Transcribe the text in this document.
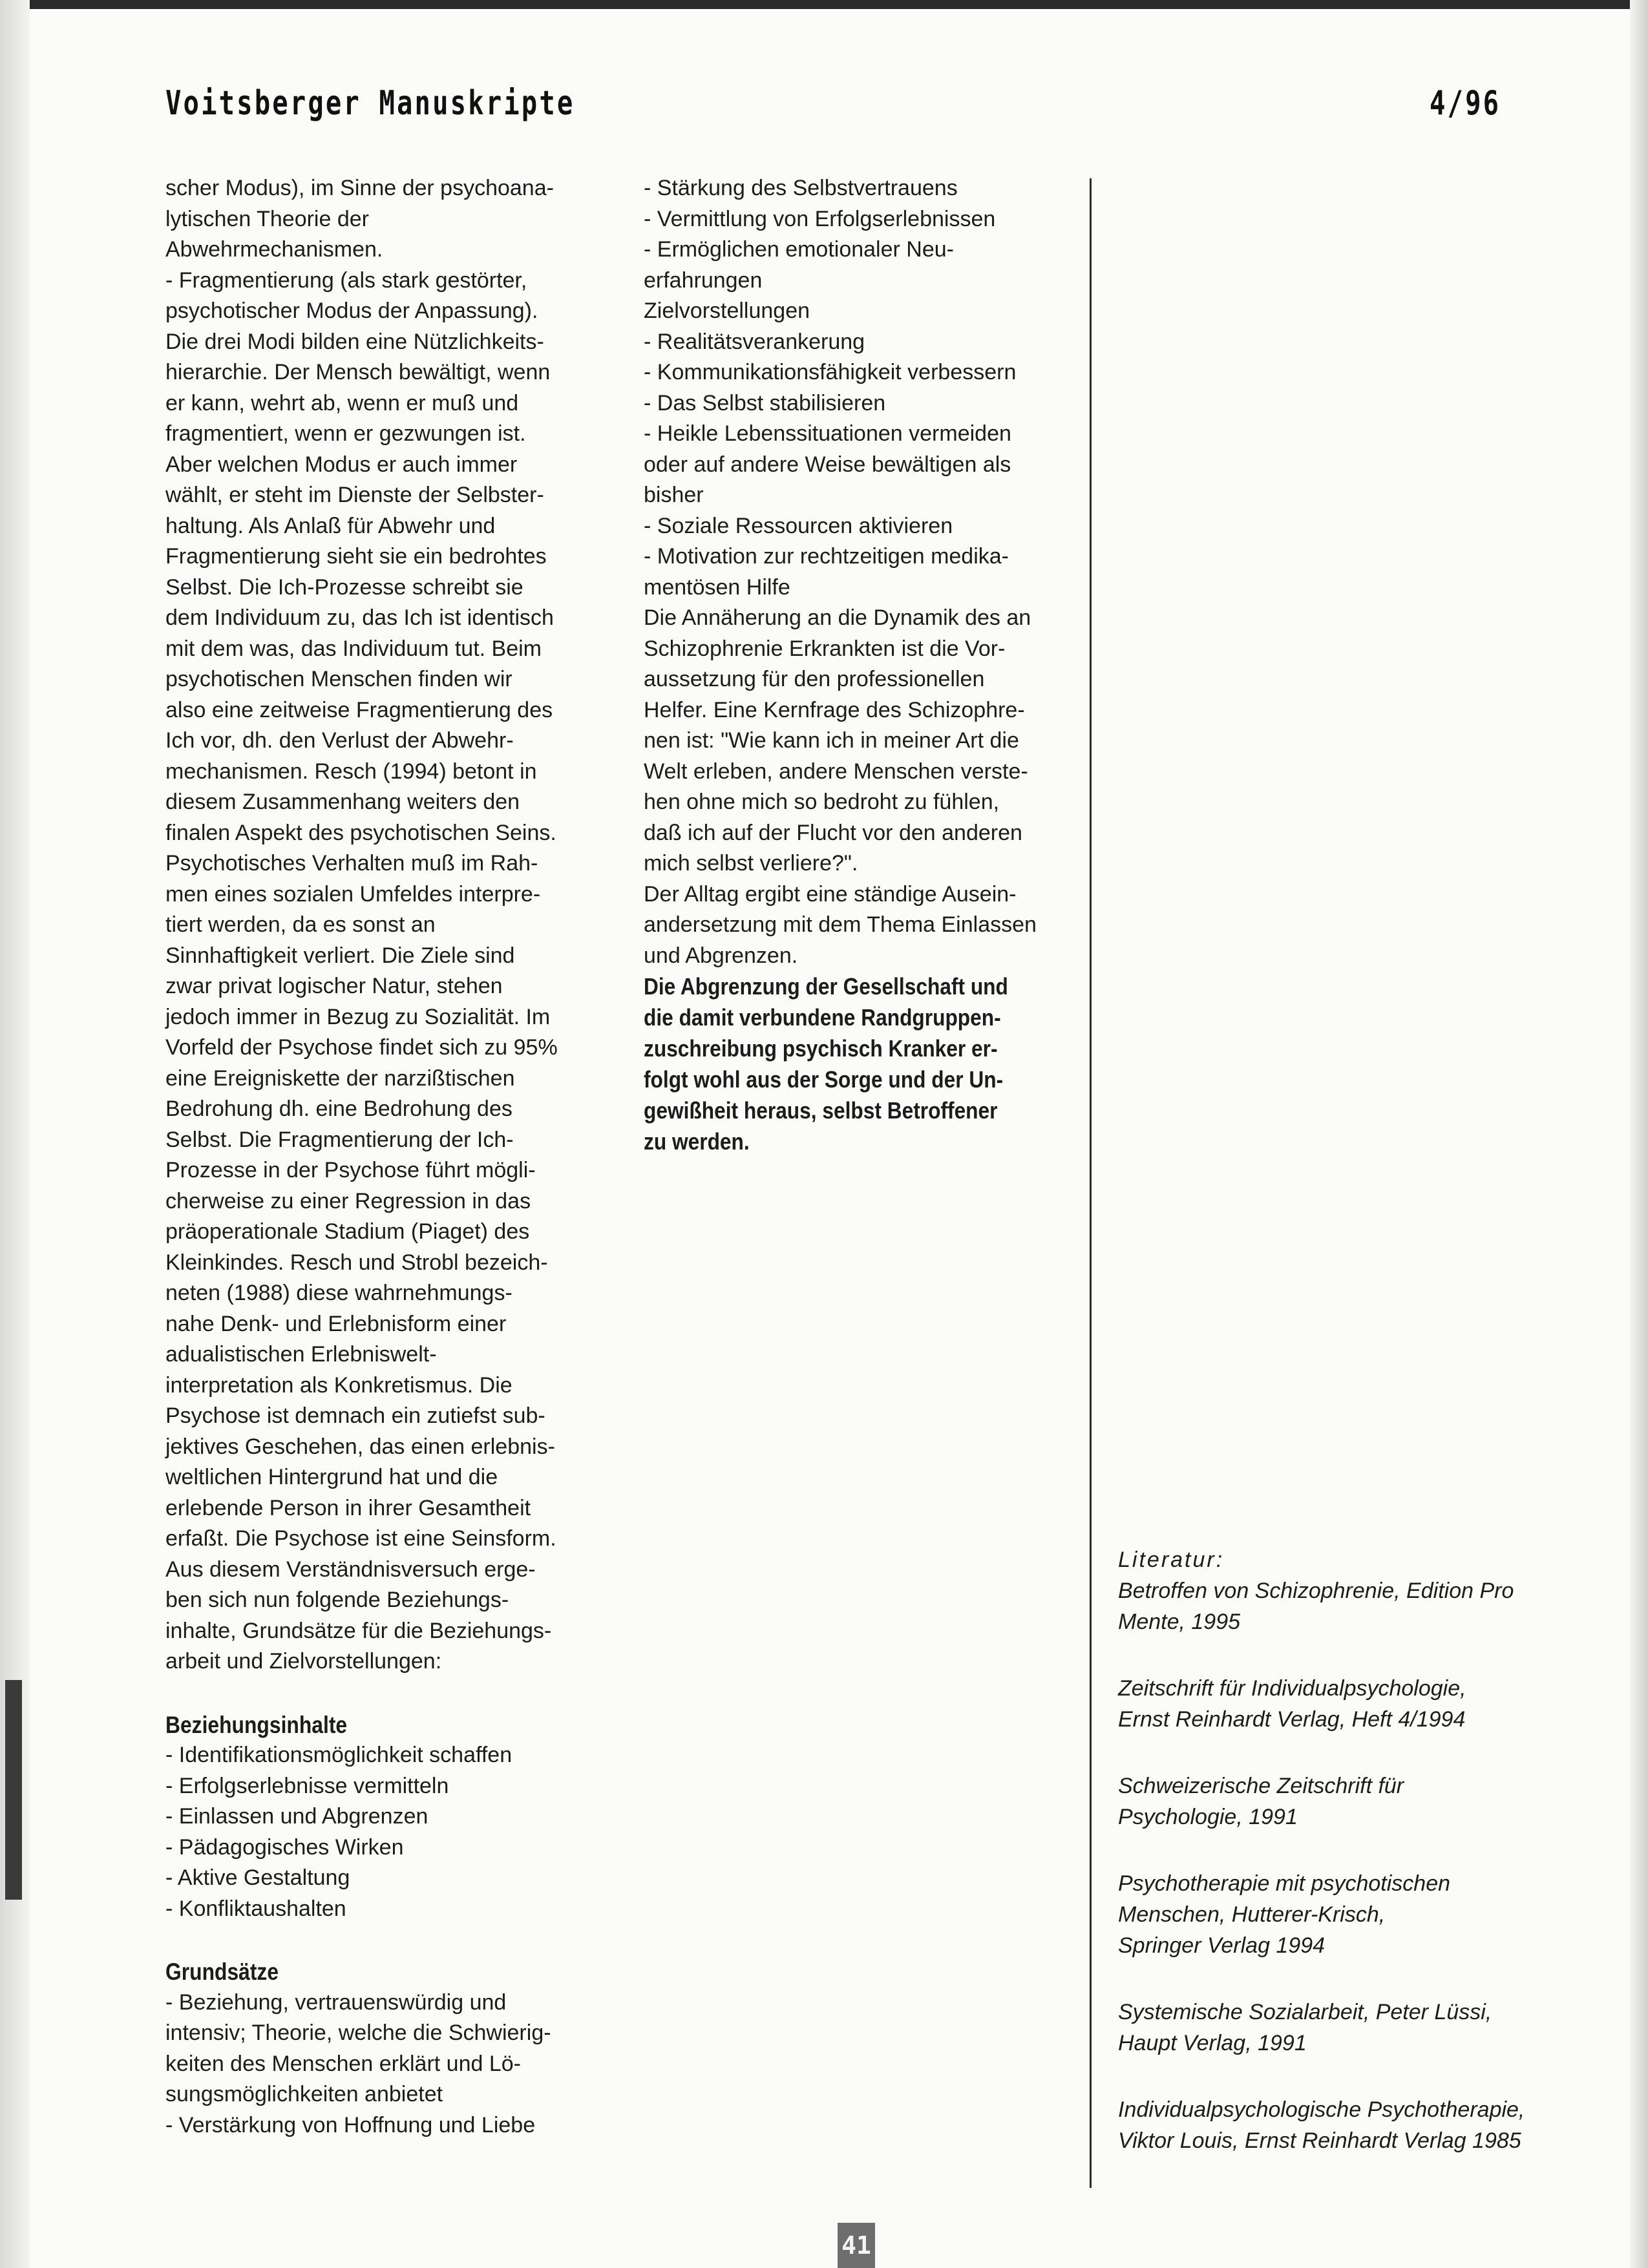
Voitsberger Manuskripte	4/96

scher Modus), im Sinne der psychoana-
lytischen Theorie der
Abwehrmechanismen.
- Fragmentierung (als stark gestörter,
psychotischer Modus der Anpassung).
Die drei Modi bilden eine Nützlichkeits-
hierarchie. Der Mensch bewältigt, wenn
er kann, wehrt ab, wenn er muß und
fragmentiert, wenn er gezwungen ist.
Aber welchen Modus er auch immer
wählt, er steht im Dienste der Selbster-
haltung. Als Anlaß für Abwehr und
Fragmentierung sieht sie ein bedrohtes
Selbst. Die Ich-Prozesse schreibt sie
dem Individuum zu, das Ich ist identisch
mit dem was, das Individuum tut. Beim
psychotischen Menschen finden wir
also eine zeitweise Fragmentierung des
Ich vor, dh. den Verlust der Abwehr-
mechanismen. Resch (1994) betont in
diesem Zusammenhang weiters den
finalen Aspekt des psychotischen Seins.
Psychotisches Verhalten muß im Rah-
men eines sozialen Umfeldes interpre-
tiert werden, da es sonst an
Sinnhaftigkeit verliert. Die Ziele sind
zwar privat logischer Natur, stehen
jedoch immer in Bezug zu Sozialität. Im
Vorfeld der Psychose findet sich zu 95%
eine Ereigniskette der narzißtischen
Bedrohung dh. eine Bedrohung des
Selbst. Die Fragmentierung der Ich-
Prozesse in der Psychose führt mögli-
cherweise zu einer Regression in das
präoperationale Stadium (Piaget) des
Kleinkindes. Resch und Strobl bezeich-
neten (1988) diese wahrnehmungs-
nahe Denk- und Erlebnisform einer
adualistischen Erlebniswelt-
interpretation als Konkretismus. Die
Psychose ist demnach ein zutiefst sub-
jektives Geschehen, das einen erlebnis-
weltlichen Hintergrund hat und die
erlebende Person in ihrer Gesamtheit
erfaßt. Die Psychose ist eine Seinsform.
Aus diesem Verständnisversuch erge-
ben sich nun folgende Beziehungs-
inhalte, Grundsätze für die Beziehungs-
arbeit und Zielvorstellungen:

Beziehungsinhalte

- Identifikationsmöglichkeit schaffen
- Erfolgserlebnisse vermitteln
- Einlassen und Abgrenzen
- Pädagogisches Wirken
- Aktive Gestaltung
- Konfliktaushalten

Grundsätze

- Beziehung, vertrauenswürdig und
intensiv; Theorie, welche die Schwierig-
keiten des Menschen erklärt und Lö-
sungsmöglichkeiten anbietet
- Verstärkung von Hoffnung und Liebe

- Stärkung des Selbstvertrauens
- Vermittlung von Erfolgserlebnissen
- Ermöglichen emotionaler Neu-
erfahrungen
Zielvorstellungen
- Realitätsverankerung
- Kommunikationsfähigkeit verbessern
- Das Selbst stabilisieren
- Heikle Lebenssituationen vermeiden
oder auf andere Weise bewältigen als
bisher
- Soziale Ressourcen aktivieren
- Motivation zur rechtzeitigen medika-
mentösen Hilfe
Die Annäherung an die Dynamik des an
Schizophrenie Erkrankten ist die Vor-
aussetzung für den professionellen
Helfer. Eine Kernfrage des Schizophre-
nen ist: "Wie kann ich in meiner Art die
Welt erleben, andere Menschen verste-
hen ohne mich so bedroht zu fühlen,
daß ich auf der Flucht vor den anderen
mich selbst verliere?".
Der Alltag ergibt eine ständige Ausein-
andersetzung mit dem Thema Einlassen
und Abgrenzen.

Die Abgrenzung der Gesellschaft und
die damit verbundene Randgruppen-
zuschreibung psychisch Kranker er-
folgt wohl aus der Sorge und der Un-
gewißheit heraus, selbst Betroffener
zu werden.

Literatur:

Betroffen von Schizophrenie, Edition Pro
Mente, 1995

Zeitschrift für Individualpsychologie,
Ernst Reinhardt Verlag, Heft 4/1994

Schweizerische Zeitschrift für
Psychologie, 1991

Psychotherapie mit psychotischen
Menschen, Hutterer-Krisch,
Springer Verlag 1994

Systemische Sozialarbeit, Peter Lüssi,
Haupt Verlag, 1991

Individualpsychologische Psychotherapie,
Viktor Louis, Ernst Reinhardt Verlag 1985

41
